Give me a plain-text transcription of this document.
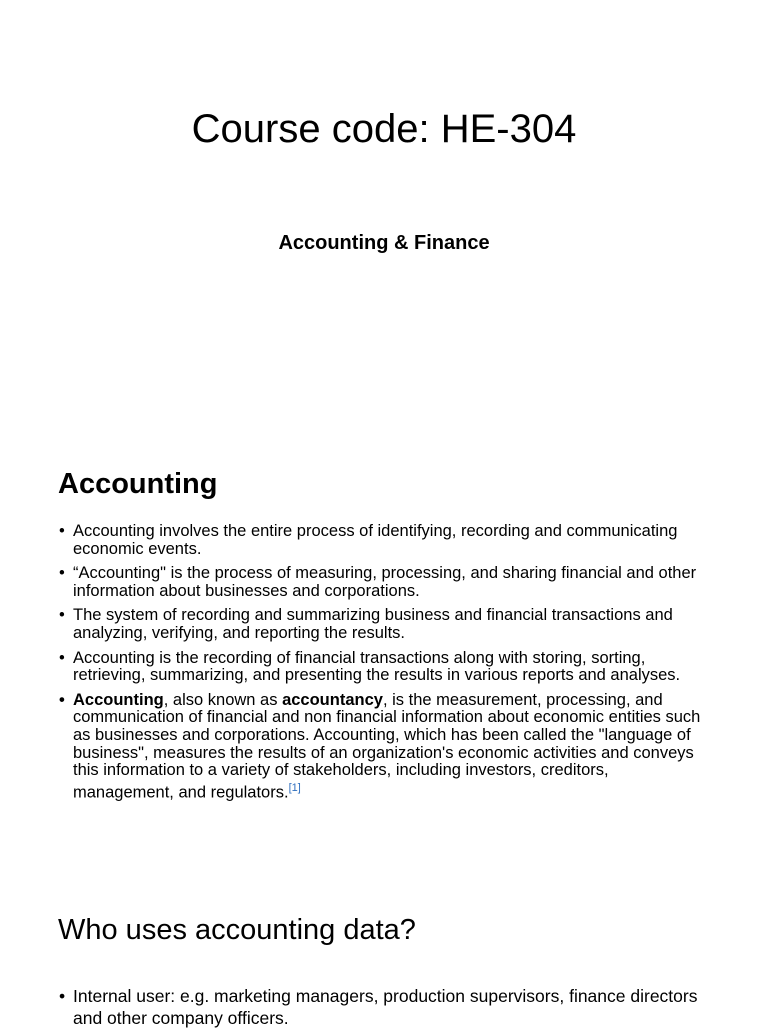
Course code: HE-304
Accounting & Finance
Accounting
• Accounting involves the entire process of identifying, recording and communicating economic events.
• “Accounting" is the process of measuring, processing, and sharing financial and other information about businesses and corporations.
• The system of recording and summarizing business and financial transactions and analyzing, verifying, and reporting the results.
• Accounting is the recording of financial transactions along with storing, sorting, retrieving, summarizing, and presenting the results in various reports and analyses.
• Accounting, also known as accountancy, is the measurement, processing, and communication of financial and non financial information about economic entities such as businesses and corporations. Accounting, which has been called the "language of business", measures the results of an organization's economic activities and conveys this information to a variety of stakeholders, including investors, creditors, management, and regulators.[1]
Who uses accounting data?
• Internal user: e.g. marketing managers, production supervisors, finance directors and other company officers.
